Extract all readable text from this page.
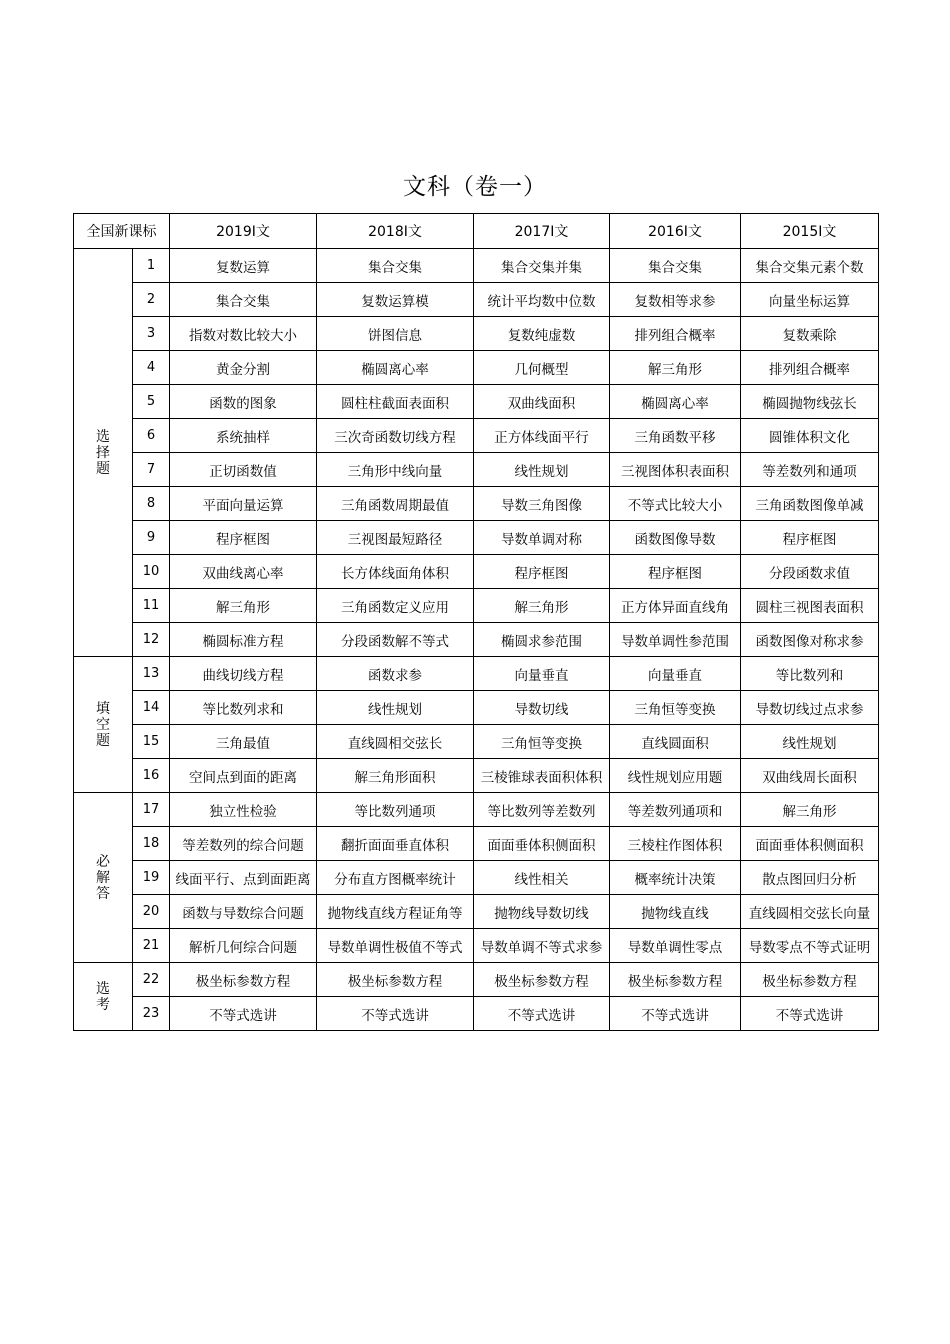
文科（卷一）
全国新课标		2019Ⅰ文	2018Ⅰ文	2017Ⅰ文	2016Ⅰ文	2015Ⅰ文
选择题	1	复数运算	集合交集	集合交集并集	集合交集	集合交集元素个数
	2	集合交集	复数运算模	统计平均数中位数	复数相等求参	向量坐标运算
	3	指数对数比较大小	饼图信息	复数纯虚数	排列组合概率	复数乘除
	4	黄金分割	椭圆离心率	几何概型	解三角形	排列组合概率
	5	函数的图象	圆柱柱截面表面积	双曲线面积	椭圆离心率	椭圆抛物线弦长
	6	系统抽样	三次奇函数切线方程	正方体线面平行	三角函数平移	圆锥体积文化
	7	正切函数值	三角形中线向量	线性规划	三视图体积表面积	等差数列和通项
	8	平面向量运算	三角函数周期最值	导数三角图像	不等式比较大小	三角函数图像单减
	9	程序框图	三视图最短路径	导数单调对称	函数图像导数	程序框图
	10	双曲线离心率	长方体线面角体积	程序框图	程序框图	分段函数求值
	11	解三角形	三角函数定义应用	解三角形	正方体异面直线角	圆柱三视图表面积
	12	椭圆标准方程	分段函数解不等式	椭圆求参范围	导数单调性参范围	函数图像对称求参
填空题	13	曲线切线方程	函数求参	向量垂直	向量垂直	等比数列和
	14	等比数列求和	线性规划	导数切线	三角恒等变换	导数切线过点求参
	15	三角最值	直线圆相交弦长	三角恒等变换	直线圆面积	线性规划
	16	空间点到面的距离	解三角形面积	三棱锥球表面积体积	线性规划应用题	双曲线周长面积
必解答	17	独立性检验	等比数列通项	等比数列等差数列	等差数列通项和	解三角形
	18	等差数列的综合问题	翻折面面垂直体积	面面垂体积侧面积	三棱柱作图体积	面面垂体积侧面积
	19	线面平行、点到面距离	分布直方图概率统计	线性相关	概率统计决策	散点图回归分析
	20	函数与导数综合问题	抛物线直线方程证角等	抛物线导数切线	抛物线直线	直线圆相交弦长向量
	21	解析几何综合问题	导数单调性极值不等式	导数单调不等式求参	导数单调性零点	导数零点不等式证明
选考	22	极坐标参数方程	极坐标参数方程	极坐标参数方程	极坐标参数方程	极坐标参数方程
	23	不等式选讲	不等式选讲	不等式选讲	不等式选讲	不等式选讲
